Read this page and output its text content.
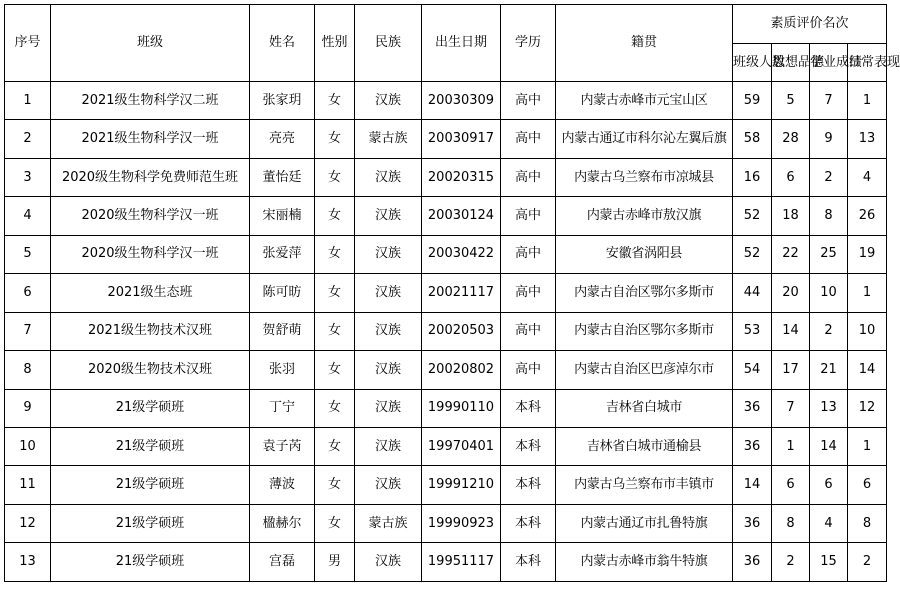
序号	班级	姓名	性别	民族	出生日期	学历	籍贯	素质评价名次			
								班级人数	思想品德	学业成绩	日常表现
1	2021级生物科学汉二班	张家玥	女	汉族	20030309	高中	内蒙古赤峰市元宝山区	59	5	7	1
2	2021级生物科学汉一班	亮亮	女	蒙古族	20030917	高中	内蒙古通辽市科尔沁左翼后旗	58	28	9	13
3	2020级生物科学免费师范生班	董怡廷	女	汉族	20020315	高中	内蒙古乌兰察布市凉城县	16	6	2	4
4	2020级生物科学汉一班	宋丽楠	女	汉族	20030124	高中	内蒙古赤峰市敖汉旗	52	18	8	26
5	2020级生物科学汉一班	张爱萍	女	汉族	20030422	高中	安徽省涡阳县	52	22	25	19
6	2021级生态班	陈可昉	女	汉族	20021117	高中	内蒙古自治区鄂尔多斯市	44	20	10	1
7	2021级生物技术汉班	贺舒萌	女	汉族	20020503	高中	内蒙古自治区鄂尔多斯市	53	14	2	10
8	2020级生物技术汉班	张羽	女	汉族	20020802	高中	内蒙古自治区巴彦淖尔市	54	17	21	14
9	21级学硕班	丁宁	女	汉族	19990110	本科	吉林省白城市	36	7	13	12
10	21级学硕班	袁子芮	女	汉族	19970401	本科	吉林省白城市通榆县	36	1	14	1
11	21级学硕班	薄波	女	汉族	19991210	本科	内蒙古乌兰察布市丰镇市	14	6	6	6
12	21级学硕班	楹赫尔	女	蒙古族	19990923	本科	内蒙古通辽市扎鲁特旗	36	8	4	8
13	21级学硕班	宫磊	男	汉族	19951117	本科	内蒙古赤峰市翁牛特旗	36	2	15	2
